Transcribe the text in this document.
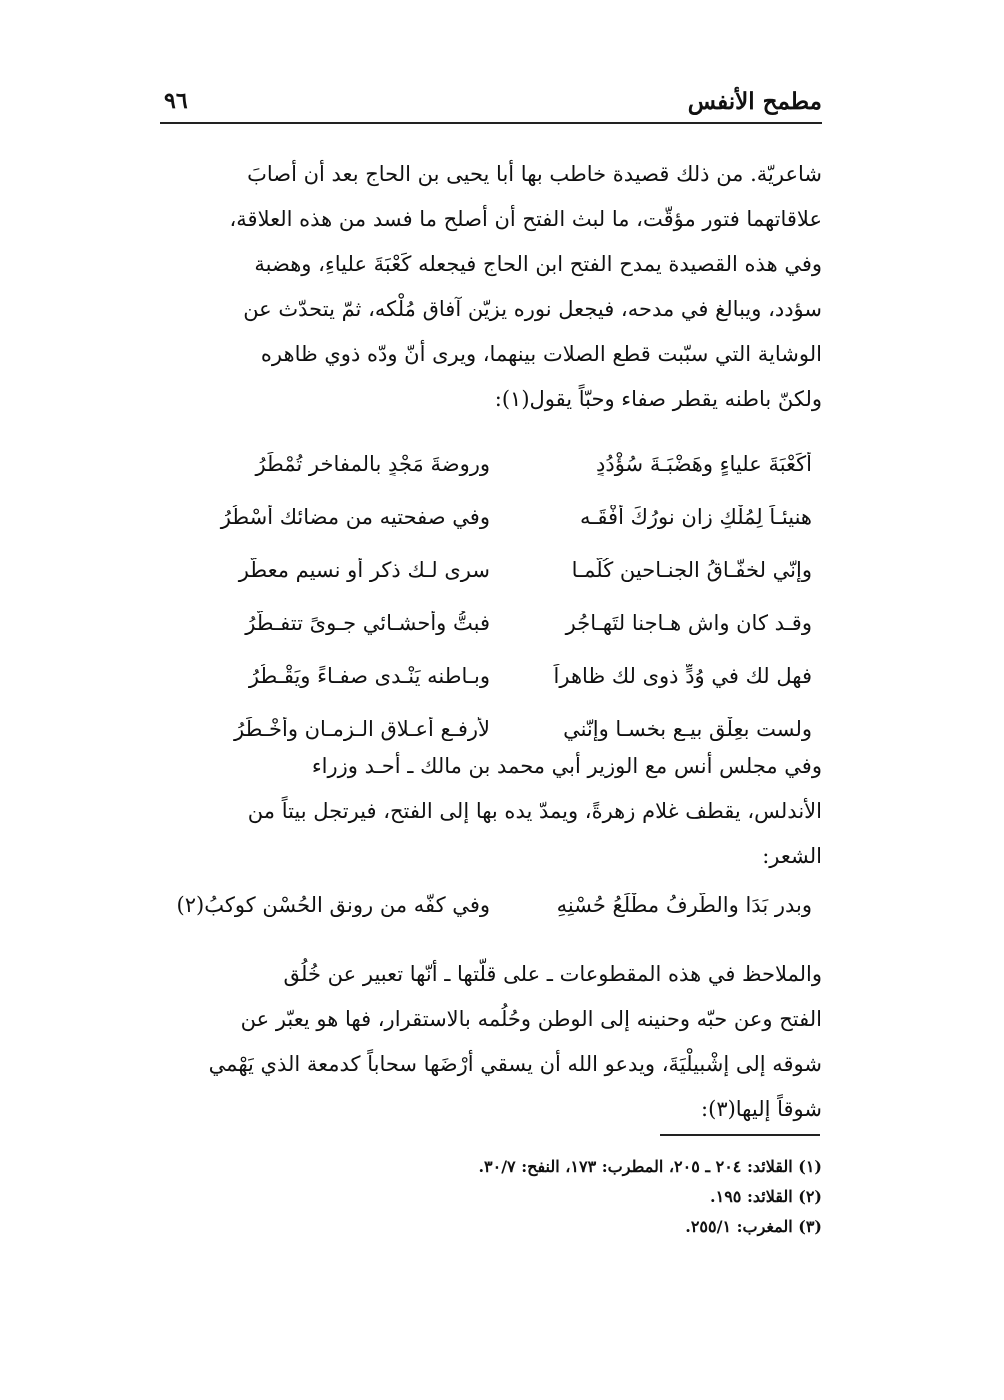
مطمح الأنفس
٩٦

شاعريّة. من ذلك قصيدة خاطب بها أبا يحيى بن الحاج بعد أن أصابَ
علاقاتهما فتور مؤقّت، ما لبث الفتح أن أصلح ما فسد من هذه العلاقة،
وفي هذه القصيدة يمدح الفتح ابن الحاج فيجعله كَعْبَةَ علياءِ، وهضبة
سؤدد، ويبالغ في مدحه، فيجعل نوره يزيّن آفاق مُلْكه، ثمّ يتحدّث عن
الوشاية التي سبّبت قطع الصلات بينهما، ويرى أنّ ودّه ذوي ظاهره
ولكنّ باطنه يقطر صفاء وحبّاً يقول(١):

أكَعْبَةَ علياءٍ وهَضْبَـةَ سُؤْدُدٍ
وروضةَ مَجْدٍ بالمفاخر تُمْطَرُ
هنيئـاً لِمُلْكٍ زان نورُكَ أُفْقَـه
وفي صفحتيه من مضائك أَسْطُرُ
وإنّي لخفّـاقُ الجنـاحين كُلّمـا
سرى لـك ذكر أو نسيم معطّر
وقـد كان واشٍ هـاجنا لتَهـاجُرٍ
فبتُّ وأحشـائي جـوىً تتفـطّرُ
فهل لك في وُدٍّ ذوى لك ظاهراً
وبـاطنه يَنْـدى صفـاءً ويَقْـطُرُ
ولست بعِلْقٍ بيـع بخسـا وإنّني
لأرفـع أعـلاق الـزمـان وأخْـطَرُ

وفي مجلس أنس مع الوزير أبي محمد بن مالك ـ أحـد وزراء
الأندلس، يقطف غلام زهرةً، ويمدّ يده بها إلى الفتح، فيرتجل بيتاً من
الشعر:

وبدرٍ بَدَا والطَّرفُ مطْلَعُ حُسْنِهِ
وفي كفّه من رونق الحُسْن كوكبُ(٢)

والملاحظ في هذه المقطوعات ـ على قلّتها ـ أنّها تعبير عن خُلُق
الفتح وعن حبّه وحنينه إلى الوطن وحُلُمه بالاستقرار، فها هو يعبّر عن
شوقه إلى إشْبيلْيَةَ، ويدعو الله أن يسقي أرْضَها سحاباً كدمعة الذي يَهْمي
شوقاً إليها(٣):

(١) القلائد: ٢٠٤ ـ ٢٠٥، المطرب: ١٧٣، النفح: ٣٠/٧.
(٢) القلائد: ١٩٥.
(٣) المغرب: ٢٥٥/١.
